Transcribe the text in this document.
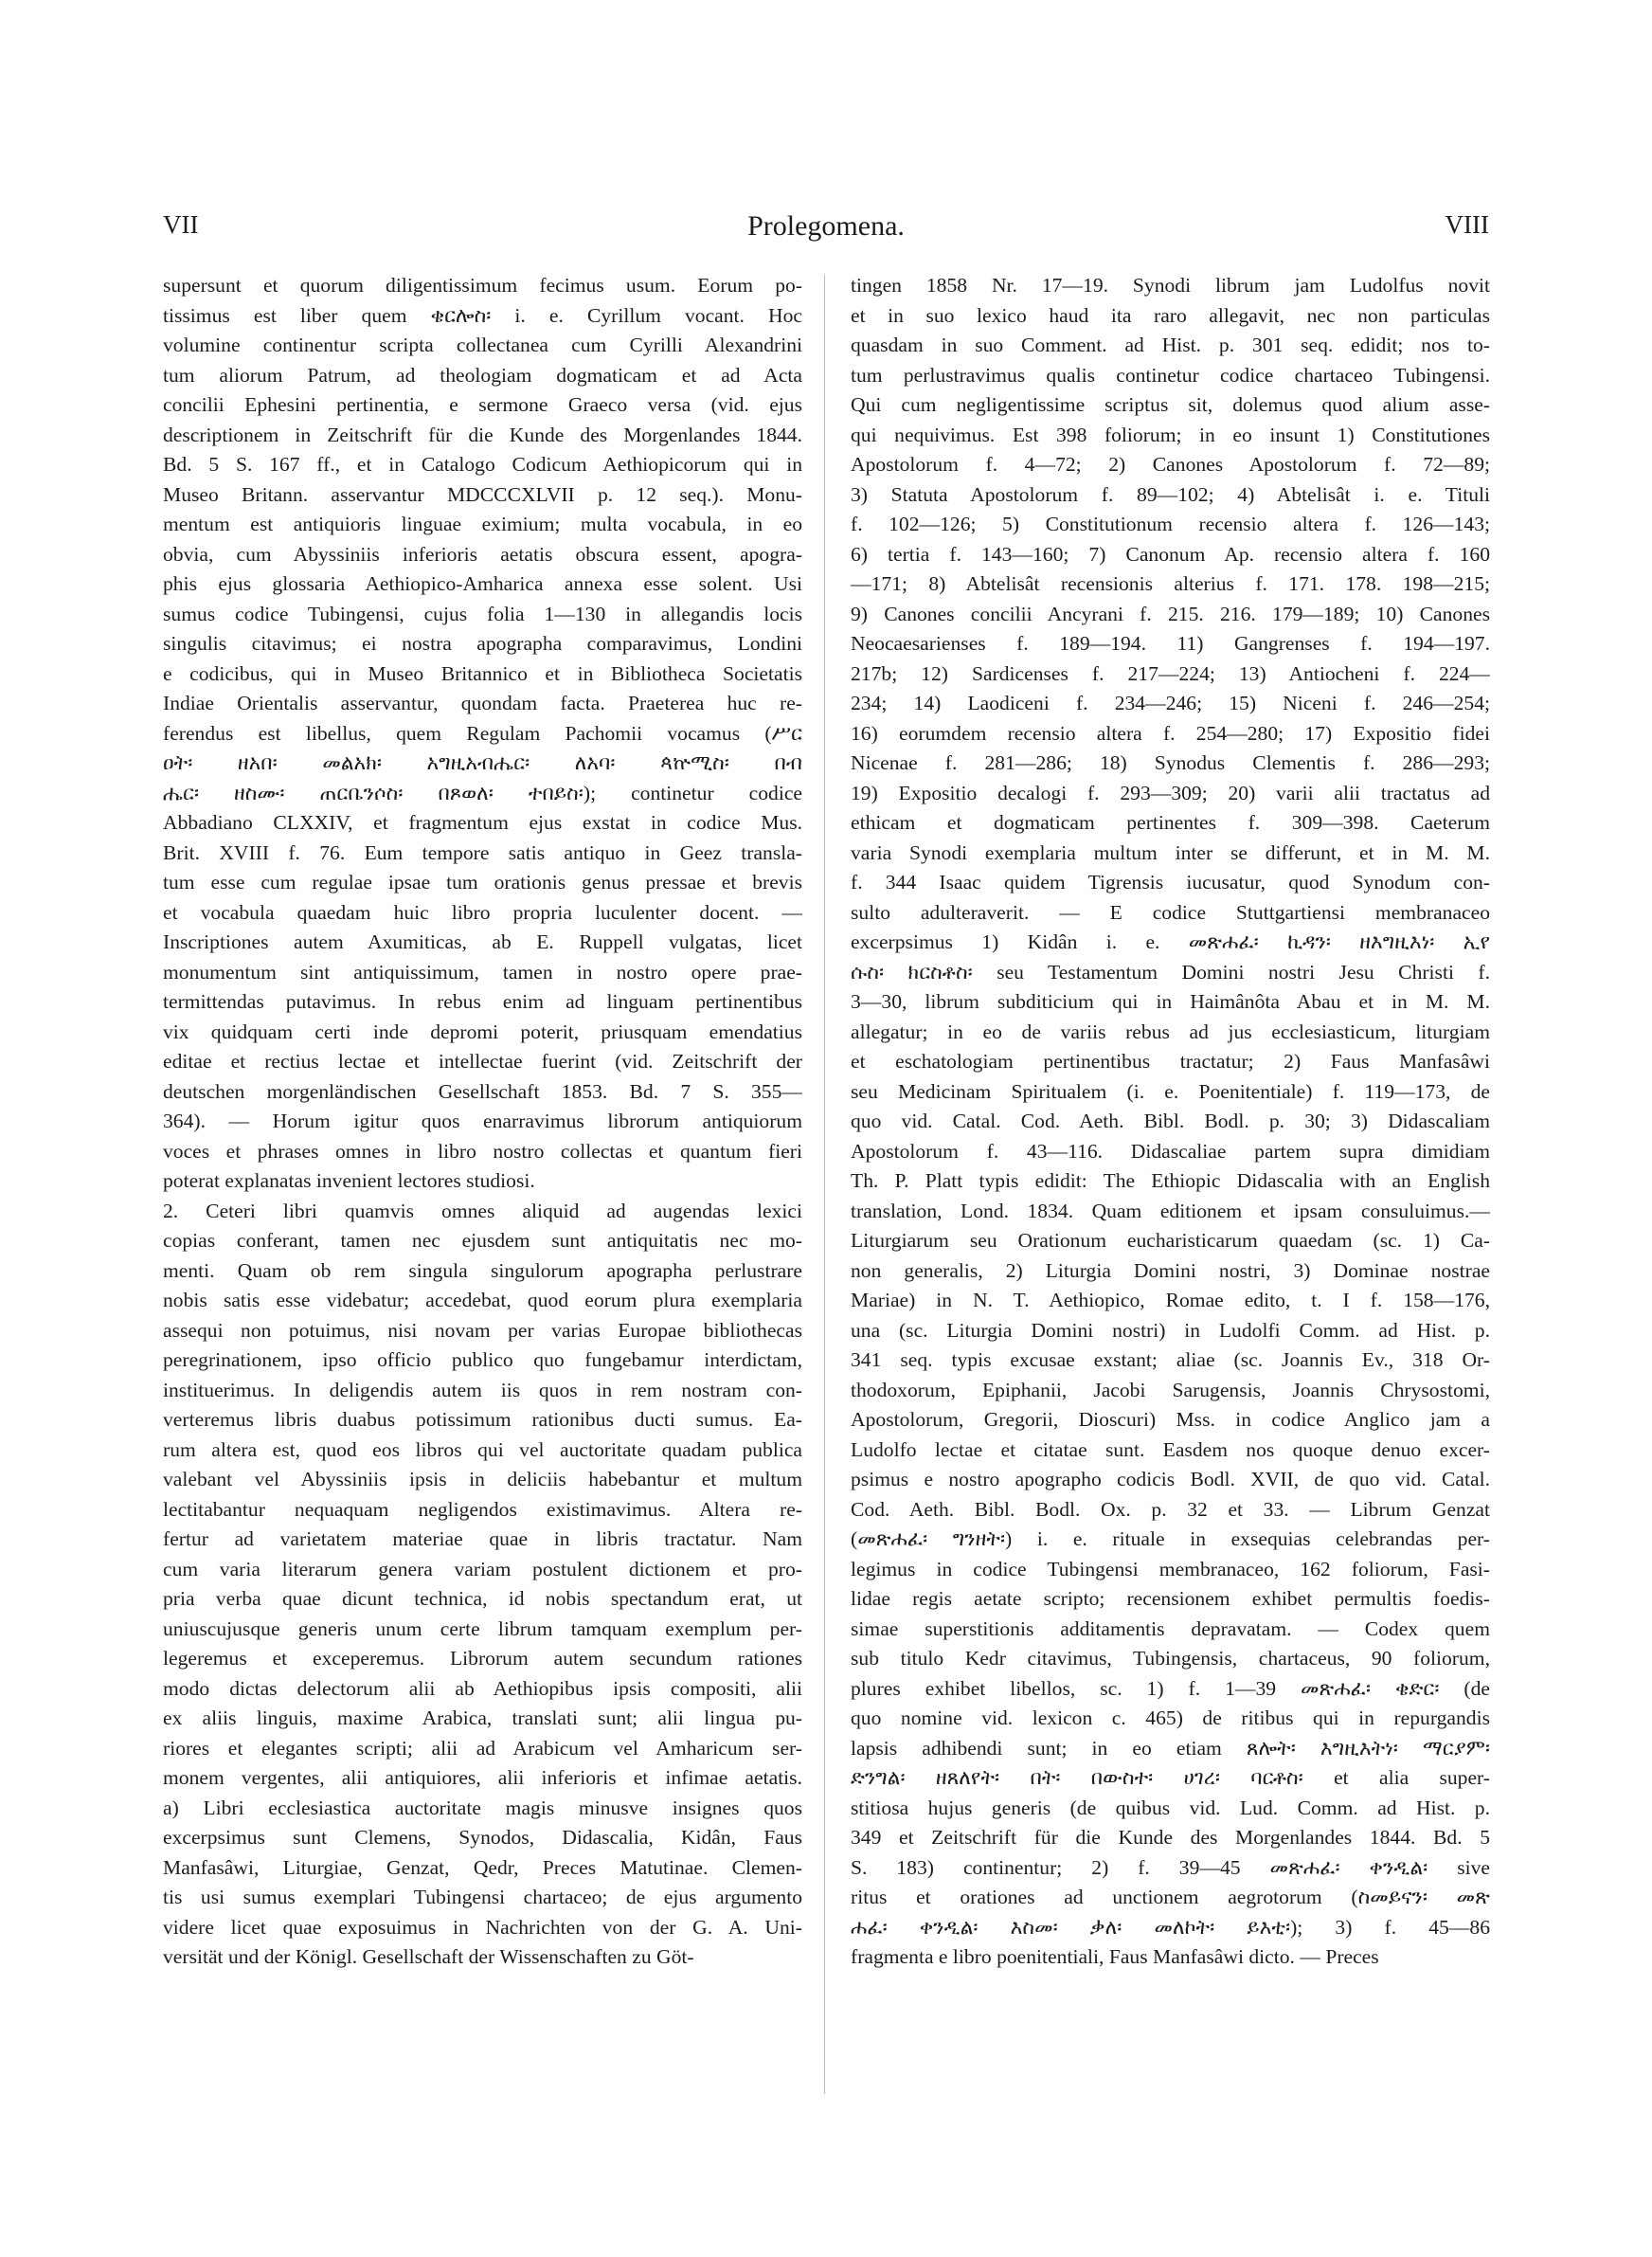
VII	Prolegomena.	VIII
supersunt et quorum diligentissimum fecimus usum. Eorum po-
tissimus est liber quem ቄርሎስ፡ i. e. Cyrillum vocant. Hoc
volumine continentur scripta collectanea cum Cyrilli Alexandrini
tum aliorum Patrum, ad theologiam dogmaticam et ad Acta
concilii Ephesini pertinentia, e sermone Graeco versa (vid. ejus
descriptionem in Zeitschrift für die Kunde des Morgenlandes 1844.
Bd. 5 S. 167 ff., et in Catalogo Codicum Aethiopicorum qui in
Museo Britann. asservantur MDCCCXLVII p. 12 seq.). Monu-
mentum est antiquioris linguae eximium; multa vocabula, in eo
obvia, cum Abyssiniis inferioris aetatis obscura essent, apogra-
phis ejus glossaria Aethiopico-Amharica annexa esse solent. Usi
sumus codice Tubingensi, cujus folia 1—130 in allegandis locis
singulis citavimus; ei nostra apographa comparavimus, Londini
e codicibus, qui in Museo Britannico et in Bibliotheca Societatis
Indiae Orientalis asservantur, quondam facta. Praeterea huc re-
ferendus est libellus, quem Regulam Pachomii vocamus (ሥር
ዐት፡ ዘአበ፡ መልአክ፡ አግዚአብሔር፡ ለአባ፡ ጳኵሚስ፡ በብ
ሔር፡ ዘስሙ፡ ጠርቤንሶስ፡ በጾወለ፡ ተበይስ፡); continetur codice
Abbadiano CLXXIV, et fragmentum ejus exstat in codice Mus.
Brit. XVIII f. 76. Eum tempore satis antiquo in Geez transla-
tum esse cum regulae ipsae tum orationis genus pressae et brevis
et vocabula quaedam huic libro propria luculenter docent. —
Inscriptiones autem Axumiticas, ab E. Ruppell vulgatas, licet
monumentum sint antiquissimum, tamen in nostro opere prae-
termittendas putavimus. In rebus enim ad linguam pertinentibus
vix quidquam certi inde depromi poterit, priusquam emendatius
editae et rectius lectae et intellectae fuerint (vid. Zeitschrift der
deutschen morgenländischen Gesellschaft 1853. Bd. 7 S. 355—
364). — Horum igitur quos enarravimus librorum antiquiorum
voces et phrases omnes in libro nostro collectas et quantum fieri
poterat explanatas invenient lectores studiosi.
2. Ceteri libri quamvis omnes aliquid ad augendas lexici
copias conferant, tamen nec ejusdem sunt antiquitatis nec mo-
menti. Quam ob rem singula singulorum apographa perlustrare
nobis satis esse videbatur; accedebat, quod eorum plura exemplaria
assequi non potuimus, nisi novam per varias Europae bibliothecas
peregrinationem, ipso officio publico quo fungebamur interdictam,
instituerimus. In deligendis autem iis quos in rem nostram con-
verteremus libris duabus potissimum rationibus ducti sumus. Ea-
rum altera est, quod eos libros qui vel auctoritate quadam publica
valebant vel Abyssiniis ipsis in deliciis habebantur et multum
lectitabantur nequaquam negligendos existimavimus. Altera re-
fertur ad varietatem materiae quae in libris tractatur. Nam
cum varia literarum genera variam postulent dictionem et pro-
pria verba quae dicunt technica, id nobis spectandum erat, ut
uniuscujusque generis unum certe librum tamquam exemplum per-
legeremus et exceperemus. Librorum autem secundum rationes
modo dictas delectorum alii ab Aethiopibus ipsis compositi, alii
ex aliis linguis, maxime Arabica, translati sunt; alii lingua pu-
riores et elegantes scripti; alii ad Arabicum vel Amharicum ser-
monem vergentes, alii antiquiores, alii inferioris et infimae aetatis.
a) Libri ecclesiastica auctoritate magis minusve insignes quos
excerpsimus sunt Clemens, Synodos, Didascalia, Kidân, Faus
Manfasâwi, Liturgiae, Genzat, Qedr, Preces Matutinae. Clemen-
tis usi sumus exemplari Tubingensi chartaceo; de ejus argumento
videre licet quae exposuimus in Nachrichten von der G. A. Uni-
versität und der Königl. Gesellschaft der Wissenschaften zu Göt-
tingen 1858 Nr. 17—19. Synodi librum jam Ludolfus novit
et in suo lexico haud ita raro allegavit, nec non particulas
quasdam in suo Comment. ad Hist. p. 301 seq. edidit; nos to-
tum perlustravimus qualis continetur codice chartaceo Tubingensi.
Qui cum negligentissime scriptus sit, dolemus quod alium asse-
qui nequivimus. Est 398 foliorum; in eo insunt 1) Constitutiones
Apostolorum f. 4—72; 2) Canones Apostolorum f. 72—89;
3) Statuta Apostolorum f. 89—102; 4) Abtelisât i. e. Tituli
f. 102—126; 5) Constitutionum recensio altera f. 126—143;
6) tertia f. 143—160; 7) Canonum Ap. recensio altera f. 160
—171; 8) Abtelisât recensionis alterius f. 171. 178. 198—215;
9) Canones concilii Ancyrani f. 215. 216. 179—189; 10) Canones
Neocaesarienses f. 189—194. 11) Gangrenses f. 194—197.
217b; 12) Sardicenses f. 217—224; 13) Antiocheni f. 224—
234; 14) Laodiceni f. 234—246; 15) Niceni f. 246—254;
16) eorumdem recensio altera f. 254—280; 17) Expositio fidei
Nicenae f. 281—286; 18) Synodus Clementis f. 286—293;
19) Expositio decalogi f. 293—309; 20) varii alii tractatus ad
ethicam et dogmaticam pertinentes f. 309—398. Caeterum
varia Synodi exemplaria multum inter se differunt, et in M. M.
f. 344 Isaac quidem Tigrensis iucusatur, quod Synodum con-
sulto adulteraverit. — E codice Stuttgartiensi membranaceo
excerpsimus 1) Kidân i. e. መጽሐፈ፡ ኪዳን፡ ዘእግዚእነ፡ ኢየ
ሱስ፡ ክርስቶስ፡ seu Testamentum Domini nostri Jesu Christi f.
3—30, librum subditicium qui in Haimânôta Abau et in M. M.
allegatur; in eo de variis rebus ad jus ecclesiasticum, liturgiam
et eschatologiam pertinentibus tractatur; 2) Faus Manfasâwi
seu Medicinam Spiritualem (i. e. Poenitentiale) f. 119—173, de
quo vid. Catal. Cod. Aeth. Bibl. Bodl. p. 30; 3) Didascaliam
Apostolorum f. 43—116. Didascaliae partem supra dimidiam
Th. P. Platt typis edidit: The Ethiopic Didascalia with an English
translation, Lond. 1834. Quam editionem et ipsam consuluimus.—
Liturgiarum seu Orationum eucharisticarum quaedam (sc. 1) Ca-
non generalis, 2) Liturgia Domini nostri, 3) Dominae nostrae
Mariae) in N. T. Aethiopico, Romae edito, t. I f. 158—176,
una (sc. Liturgia Domini nostri) in Ludolfi Comm. ad Hist. p.
341 seq. typis excusae exstant; aliae (sc. Joannis Ev., 318 Or-
thodoxorum, Epiphanii, Jacobi Sarugensis, Joannis Chrysostomi,
Apostolorum, Gregorii, Dioscuri) Mss. in codice Anglico jam a
Ludolfo lectae et citatae sunt. Easdem nos quoque denuo excer-
psimus e nostro apographo codicis Bodl. XVII, de quo vid. Catal.
Cod. Aeth. Bibl. Bodl. Ox. p. 32 et 33. — Librum Genzat
(መጽሐፈ፡ ግንዘት፡) i. e. rituale in exsequias celebrandas per-
legimus in codice Tubingensi membranaceo, 162 foliorum, Fasi-
lidae regis aetate scripto; recensionem exhibet permultis foedis-
simae superstitionis additamentis depravatam. — Codex quem
sub titulo Kedr citavimus, Tubingensis, chartaceus, 90 foliorum,
plures exhibet libellos, sc. 1) f. 1—39 መጽሐፈ፡ ቄድር፡ (de
quo nomine vid. lexicon c. 465) de ritibus qui in repurgandis
lapsis adhibendi sunt; in eo etiam ጸሎት፡ እግዚእትነ፡ ማርያም፡
ድንግል፡ ዘጸለየት፡ በት፡ በውስተ፡ ሀገረ፡ ባርቶስ፡ et alia super-
stitiosa hujus generis (de quibus vid. Lud. Comm. ad Hist. p.
349 et Zeitschrift für die Kunde des Morgenlandes 1844. Bd. 5
S. 183) continentur; 2) f. 39—45 መጽሐፈ፡ ቀንዲል፡ sive
ritus et orationes ad unctionem aegrotorum (ስመይናን፡ መጽ
ሐፈ፡ ቀንዲል፡ እስመ፡ ቃለ፡ መለኮት፡ ይእቲ፡); 3) f. 45—86
fragmenta e libro poenitentiali, Faus Manfasâwi dicto. — Preces
